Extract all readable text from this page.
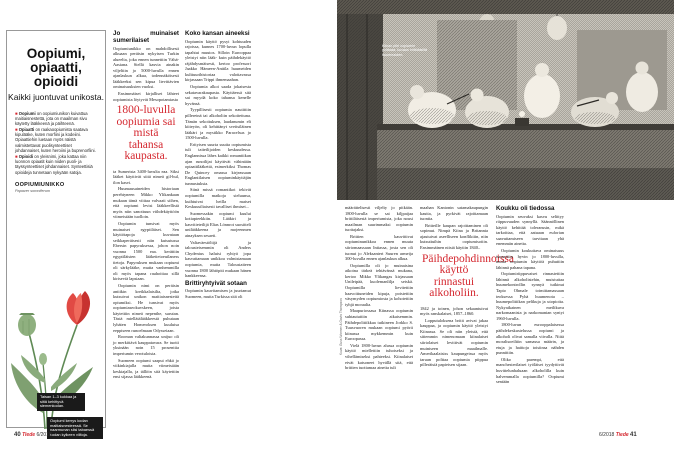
Oopiumi, opiaatti, opioidi
Kaikki juontuvat unikosta.

■ Oopiumi on oopiumiunikon kuivattua maitiaisnestettä, jota on maailman sivu käytetty lääkkeenä ja päihteenä.

■ Opiaatti on raakaoopiumista saatava kipulääke, kuten morfiini ja kodeiini. Opiaattiehin luetaan myös näistä valmistettavat puolisynteettiset johdannaiset, kuten heroiini ja buprenorfiini.

■ Opioidi on yleisnimi, joka kattaa niin luonnon opiaatit kuin niiden puoli- ja täyssynteettiset johdannaiset. Synteettisiä opioideja tunnetaan nykyään satoja.

OOPIUMIUNIKKO
Papaver somniferum
Taisan 1–3 kukkaa ja siitä kehittyvä siemenkodan.
Oopiumi kerrys kodan maitiaisnesteessä. Se naarmunan siisi tabaessä kodan kylkeen viiltoja.
Jo muinaiset sumerilaiset

Oopiumiunikko on mahdollisesti alkuaan peräisin nykyisen Turkin alueelta, joka ennen tunnettiin Vähä-Aasiana. Siellä kasvia ainakin viljeltiin jo 5000-luvulla ennen ajanlaskun alkua, todennäköisesti lääkkeeksi sen kipua lievittävien ominaisuuksien vuoksi.

Ensimmäiset kirjalliset lähteet oopiumista löytyvät Mesopotamiasta

1800-luvulla oopiumia sai mistä tahansa kaupasta.

ta Sumerista 3400-luvulta eaa. Siksi lääket käyttivät siitä nimeä gil-hul, ilon kasvi.

Huumausaineiden historiaan perehtyneen Mikko Ylikankaan mukaan tämä viittaa valvaati siihen, että oopiumi levisi lääkkeellistä myös niin sanottuun viihdekäyttöön viimeistään tuolloin.

Oopiumin tunsivat myös muinaiset egyptiläiset. Sen käyttötapoja kuvataan seikkaperäisesti niin kutsutussa Ebersin papyruksessa, johon noin vuonna 1500 eaa. kerättiin egyptiläisten lääketietoeuilaness tietoja. Papyruksen mukaan oopiumi oli särkylääke, mutta vanhemmilla oli myös tapana rauhoittaa sillä kiriseviä lapsiaan.

Oopiumin nimi on peräisin antiikin kreikkalaisilta, jotka kutsuivat unikon maitiaisnestettä opiumiksi. He tunsivat myös oopiumiaseokuvskeen, joista käytettiin nimeä nepenthe, surutan. Tästä miellätälääkkeestä puhutaan lyhäten Homeroksen kuuluisa eeppiseen runoelmaan Odysseiaan.

Rooman valtakunnassa unijuo oli jo merkittävä kauppatavara. Se tuotti yksinään noin 15 prosenttia imperiumin verotuloista.

Suomeen oopiumi saapui ehkä jo viikinkiajalla mutta viimeistään keskiajalla, ja tällöin sitä käytettiin ensi sijassa lääkkeenä.

Koko kansan aineeksi

Oopiumin käyttö pysyi kohtuuden rajoissa, kunnes 1700-luvun lopulla tapahtui muutos. Silloin Eurooppaa yleistyi niin lääk- kuin päihdekäyttö räjähdysmäisesti, kertoo professori Jaakko Hämeen-Anttila huumeiden kulttuurihistoriaa valottavassa kirjassaan Trippi ihmemaahan.

Oopiumia alkoi saada jokaisesta sekatavarakaupasta. Käyttäessä sitä sai myydä koko tahansa kenelle hyvänsä.

Tyypillisesti oopiumia nautittiin pillereinä tai alkoholiin sekoitettuna. Tämän sekoituksen, laudanumin eli kiiteyön, oli kehittänyt sveitsiläinen lääkäri ja mystikko Paracelsus jo 1500-luvulla.

Erityisen suurta suutta oopiumista tuli taiteilijoiden keskuudessa. Englannissa lähes kaikki romantiikan ajan runoilijat käyttivät vähintään opiaattilääkettä, esimerkiksi Thomas De Quincey omassa kirjeassaan Englantilaisen oopiuminkäyttäjän tunnustuksia.

Siinä missä romantikot tekivät oopiumilla matkoja sieluunsa, kuihtuivat heilla maiset Keskuusiltaisesti tavalliset ihmiset...

Suomessakin oopiumi kuului kotiapteekkiin. Lääkiri ja kasvitieteilijä Elias Lönnrot suositteli unilääkkeena ja mojeenmen ainayksen sesaeti.

Valtaväestöltijä ja talousteisemmin oli Anders Chydenius haluisi ryhtyä jopa kasvattamaan unikkoa valmistamaan oopiumia, mutta Taloustaiteen vuonna 1800 lähtöpiti mukaan hänen hankkeensa.

Brittiryhtyivät sotaan

Oopiumin kauvitamisen ja juurtamut Suomeen, mutta Turkissa sitä oli

40 Tiede 6/2018
Kiinan piiri oopiumin polttoaa, kuvaus brittiläisiltä huumeaiden.
Kuva: Guss Wormer & Gavin Thompson

määrättelisesti viljelty jo pitkään. 1800-luvulla se sai kiljpaijaa brittiläisestä imperiumista, joka nousi maailman suurimmaksi oopiumin tuottajaksi.

Brittien kauvittivat oopiuminunikkoa ennen muuta siirtomaassaan Intiassa, josta sen oli tuonut jo Aleksanteri Suuren armeija 300-luvulla ennen ajanlaskun alkua.

Oopiumilla oli jo muinaisina aikoina tärkeä tehtävänsä mukana, kertoo Mikko Ylikangas kirjassaan Unileipää, kuolemanlilja seiskä. Oopiumilla lievitettiin haavoittuneiden kipuja, poistettiin väsymyden oopiumiosta ja kohotettiin tyhjä moraalia.

Maapuriossasa Kiinassa oopiumin suhtaututtiin aikaisemmin. Päihdepolitiikkaa tutkineen Jorkko S. Tuusvuoren mukaan oopiumi pyörii kiinassa mykkemmin kuin Euroopassa.

Vielä 1800-luvun alussa oopiumin käyttö miellettiin tuhoiseksi ja vihellämiseksi pahteeksi. Kiinalaiset eivät katsoneet hyvällä sitä, että brittien tuottamaa ainetta tuli

maahan Kantonin satamakaupungin kautta, ja pyrkivät rajoittamaan tuontia.

Britteille kaupan rajoittaminen oli sopimut. Nimpä Kiina ja Britannia ajautuivat aseelliseen konfliktiin, niin kutsuttuihin oopiumisotiin. Ensimmäinen niistä käytiin 1840–

Päihdepohdinnoissa käyttö rinnastui alkoholiin.

1842 ja toinen, johon sekaantuivat myös ranskalaiset, 1857–1860.

Lopputuloksena britit avivat jakaa kauppaa, ja oopiumin käyttö yleistyi Kiinassa. Se oli niin yleistä, että sittemmin nimenomaan kiinalaiset siirtolaiset levittivät oopiumin muiniseen maailmalle. Amerikaalaisiss kaupungeissa myös taruan polttaa oopiumia piippua pilleräisiä papieisen sijaan.

Koukku oli tiedossa

Oopiumin seuvaksi kasvu selittyy riippuvuuden synnyllä. Säännöllinen käyttö kehittää toleranssin, mikä tarkoittaa, että aatuaan euforian saavuttamiseen tarvitaan yhä enemmän ainetta.

Oopiumin koukuttava ominaisuus tunnettiin hyvin jo 1800-luvulla, mutta oopiumin käyttöä puhuttiin lähinnä pahana tapana.

Oopiumiriippuvaiset rinnastettiin lähinnä alkoholistehin, muistuttaa huumekontrollin synnyä tutkinut Tapio Ohmale toimittamassaan teoksessa Pyhä huumenota – huumepolitiikan pelikuja ja utopioita. Nykyaikainen meilikuva narkomaanista ja narkomanian syntyi 1960-luvulla.

1800-luvun eurooppalaisessa päihdekeskustelussa oopiumi ja alkoholi olivat samalla viivalla. Niitä moralisoeiltiin samassa määrin, ja etuja ja haittoja toisiinsa nähden punnittiin.

Oliko parempi, että manchesterilaiset työläiset tyydyttivät huvittelunhaluaan alkoholilla kuin halvemmalla oopiumilla? Oopiumi sentään

6/2018 Tiede 41
